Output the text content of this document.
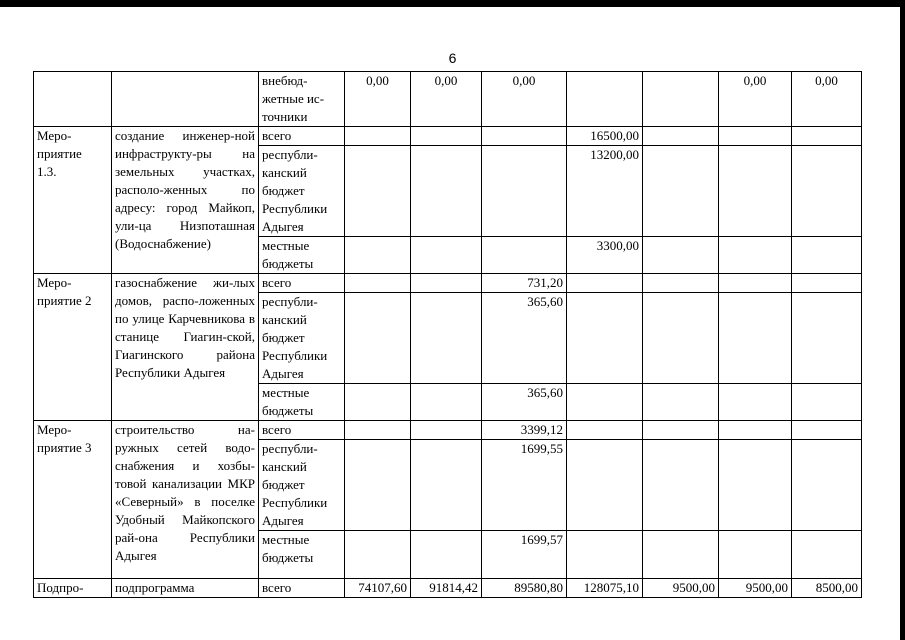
6
		внебюд-
жетные ис-
точники	0,00	0,00	0,00			0,00	0,00
Меро-
приятие
1.3.	создание инженер-ной инфраструкту-ры на земельных участках, располо-женных по адресу: город Майкоп, ули-ца Низпоташная (Водоснабжение)	всего				16500,00			
		республи-
канский
бюджет
Республики
Адыгея				13200,00			
		местные
бюджеты				3300,00			
Меро-
приятие 2	газоснабжение жи-лых домов, распо-ложенных по улице Карчевникова в станице Гиагин-ской, Гиагинского района Республики Адыгея	всего			731,20				
		республи-
канский
бюджет
Республики
Адыгея			365,60				
		местные
бюджеты			365,60				
Меро-
приятие 3	строительство на-ружных сетей водо-снабжения и хозбы-товой канализации МКР «Северный» в поселке Удобный Майкопского рай-она Республики Адыгея	всего			3399,12				
		республи-
канский
бюджет
Республики
Адыгея			1699,55				
		местные
бюджеты			1699,57				
Подпро-	подпрограмма	всего	74107,60	91814,42	89580,80	128075,10	9500,00	9500,00	8500,00
